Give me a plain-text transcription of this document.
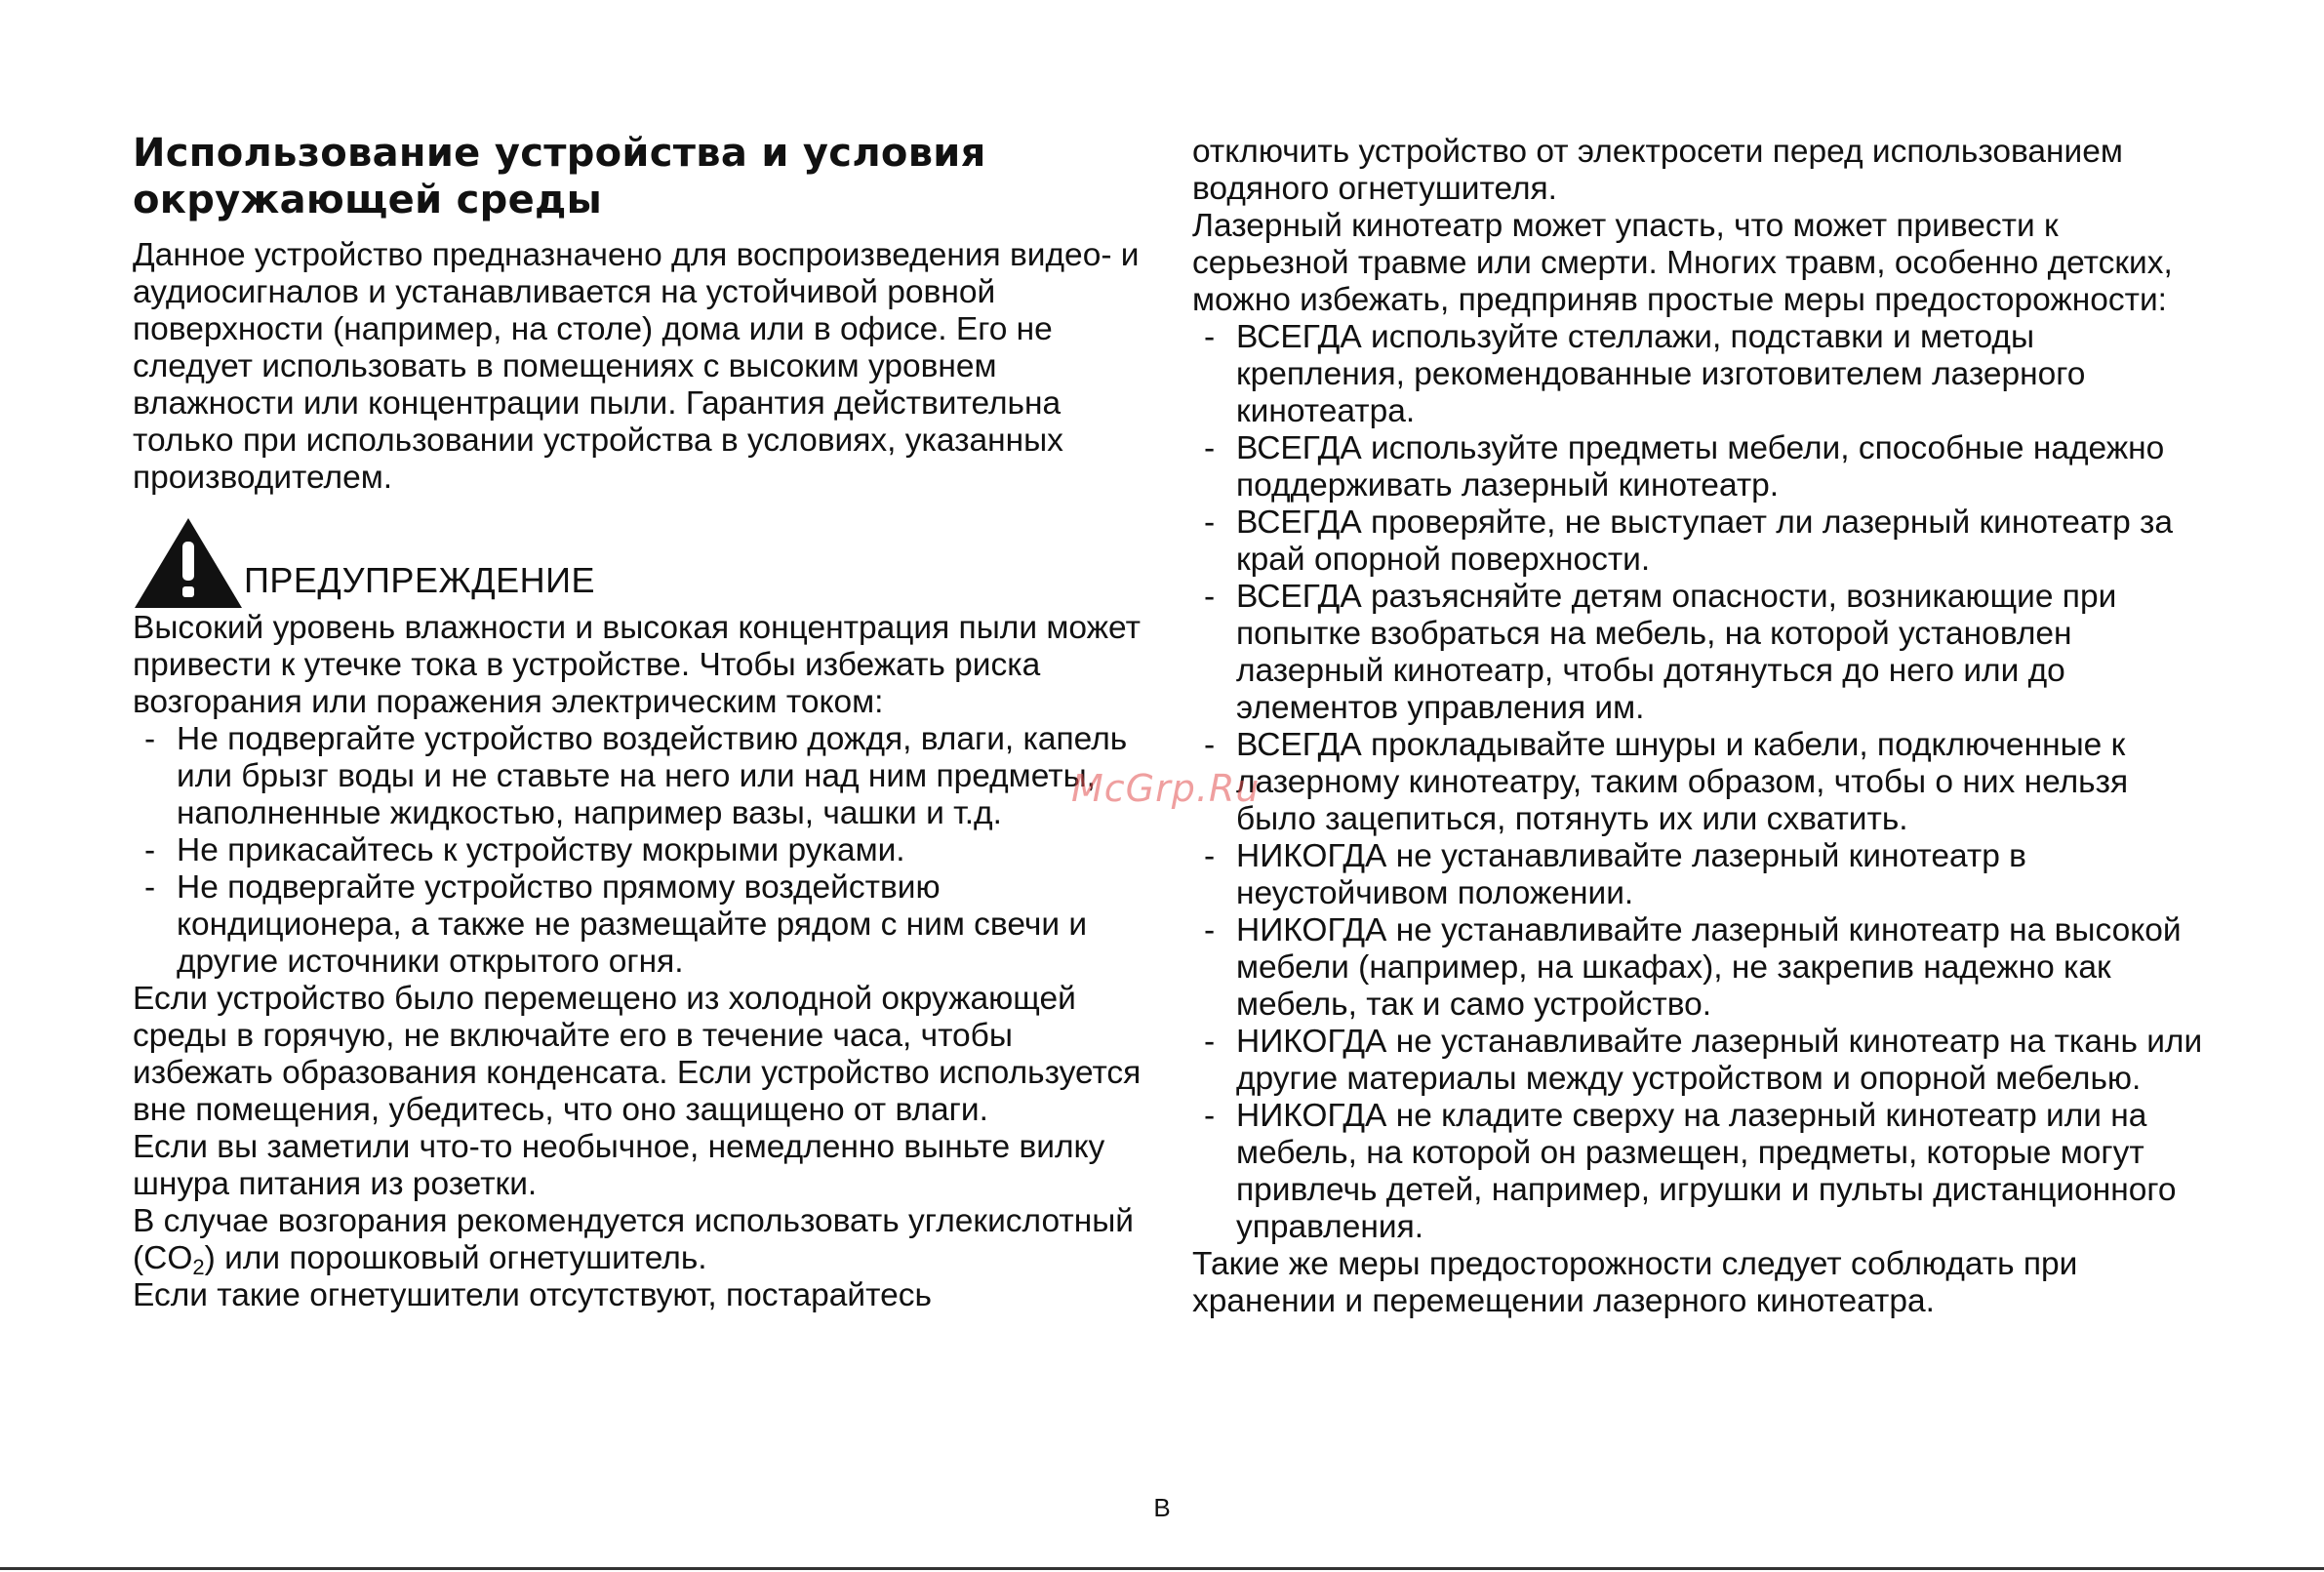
Использование устройства и условия окружающей среды

Данное устройство предназначено для воспроизведения видео- и аудиосигналов и устанавливается на устойчивой ровной поверхности (например, на столе) дома или в офисе. Его не следует использовать в помещениях с высоким уровнем влажности или концентрации пыли. Гарантия действительна только при использовании устройства в условиях, указанных производителем.

ПРЕДУПРЕЖДЕНИЕ

Высокий уровень влажности и высокая концентрация пыли может привести к утечке тока в устройстве. Чтобы избежать риска возгорания или поражения электрическим током:

- Не подвергайте устройство воздействию дождя, влаги, капель или брызг воды и не ставьте на него или над ним предметы, наполненные жидкостью, например вазы, чашки и т.д.
- Не прикасайтесь к устройству мокрыми руками.
- Не подвергайте устройство прямому воздействию кондиционера, а также не размещайте рядом с ним свечи и другие источники открытого огня.

Если устройство было перемещено из холодной окружающей среды в горячую, не включайте его в течение часа, чтобы избежать образования конденсата. Если устройство используется вне помещения, убедитесь, что оно защищено от влаги.

Если вы заметили что-то необычное, немедленно выньте вилку шнура питания из розетки.

В случае возгорания рекомендуется использовать углекислотный $(CO_2)$ или порошковый огнетушитель.

Если такие огнетушители отсутствуют, постарайтесь

отключить устройство от электросети перед использованием водяного огнетушителя.

Лазерный кинотеатр может упасть, что может привести к серьезной травме или смерти. Многих травм, особенно детских, можно избежать, предприняв простые меры предосторожности:

- ВСЕГДА используйте стеллажи, подставки и методы крепления, рекомендованные изготовителем лазерного кинотеатра.
- ВСЕГДА используйте предметы мебели, способные надежно поддерживать лазерный кинотеатр.
- ВСЕГДА проверяйте, не выступает ли лазерный кинотеатр за край опорной поверхности.
- ВСЕГДА разъясняйте детям опасности, возникающие при попытке взобраться на мебель, на которой установлен лазерный кинотеатр, чтобы дотянуться до него или до элементов управления им.
- ВСЕГДА прокладывайте шнуры и кабели, подключенные к лазерному кинотеатру, таким образом, чтобы о них нельзя было зацепиться, потянуть их или схватить.
- НИКОГДА не устанавливайте лазерный кинотеатр в неустойчивом положении.
- НИКОГДА не устанавливайте лазерный кинотеатр на высокой мебели (например, на шкафах), не закрепив надежно как мебель, так и само устройство.
- НИКОГДА не устанавливайте лазерный кинотеатр на ткань или другие материалы между устройством и опорной мебелью.
- НИКОГДА не кладите сверху на лазерный кинотеатр или на мебель, на которой он размещен, предметы, которые могут привлечь детей, например, игрушки и пульты дистанционного управления.

Такие же меры предосторожности следует соблюдать при хранении и перемещении лазерного кинотеатра.

McGrp.Ru
В
